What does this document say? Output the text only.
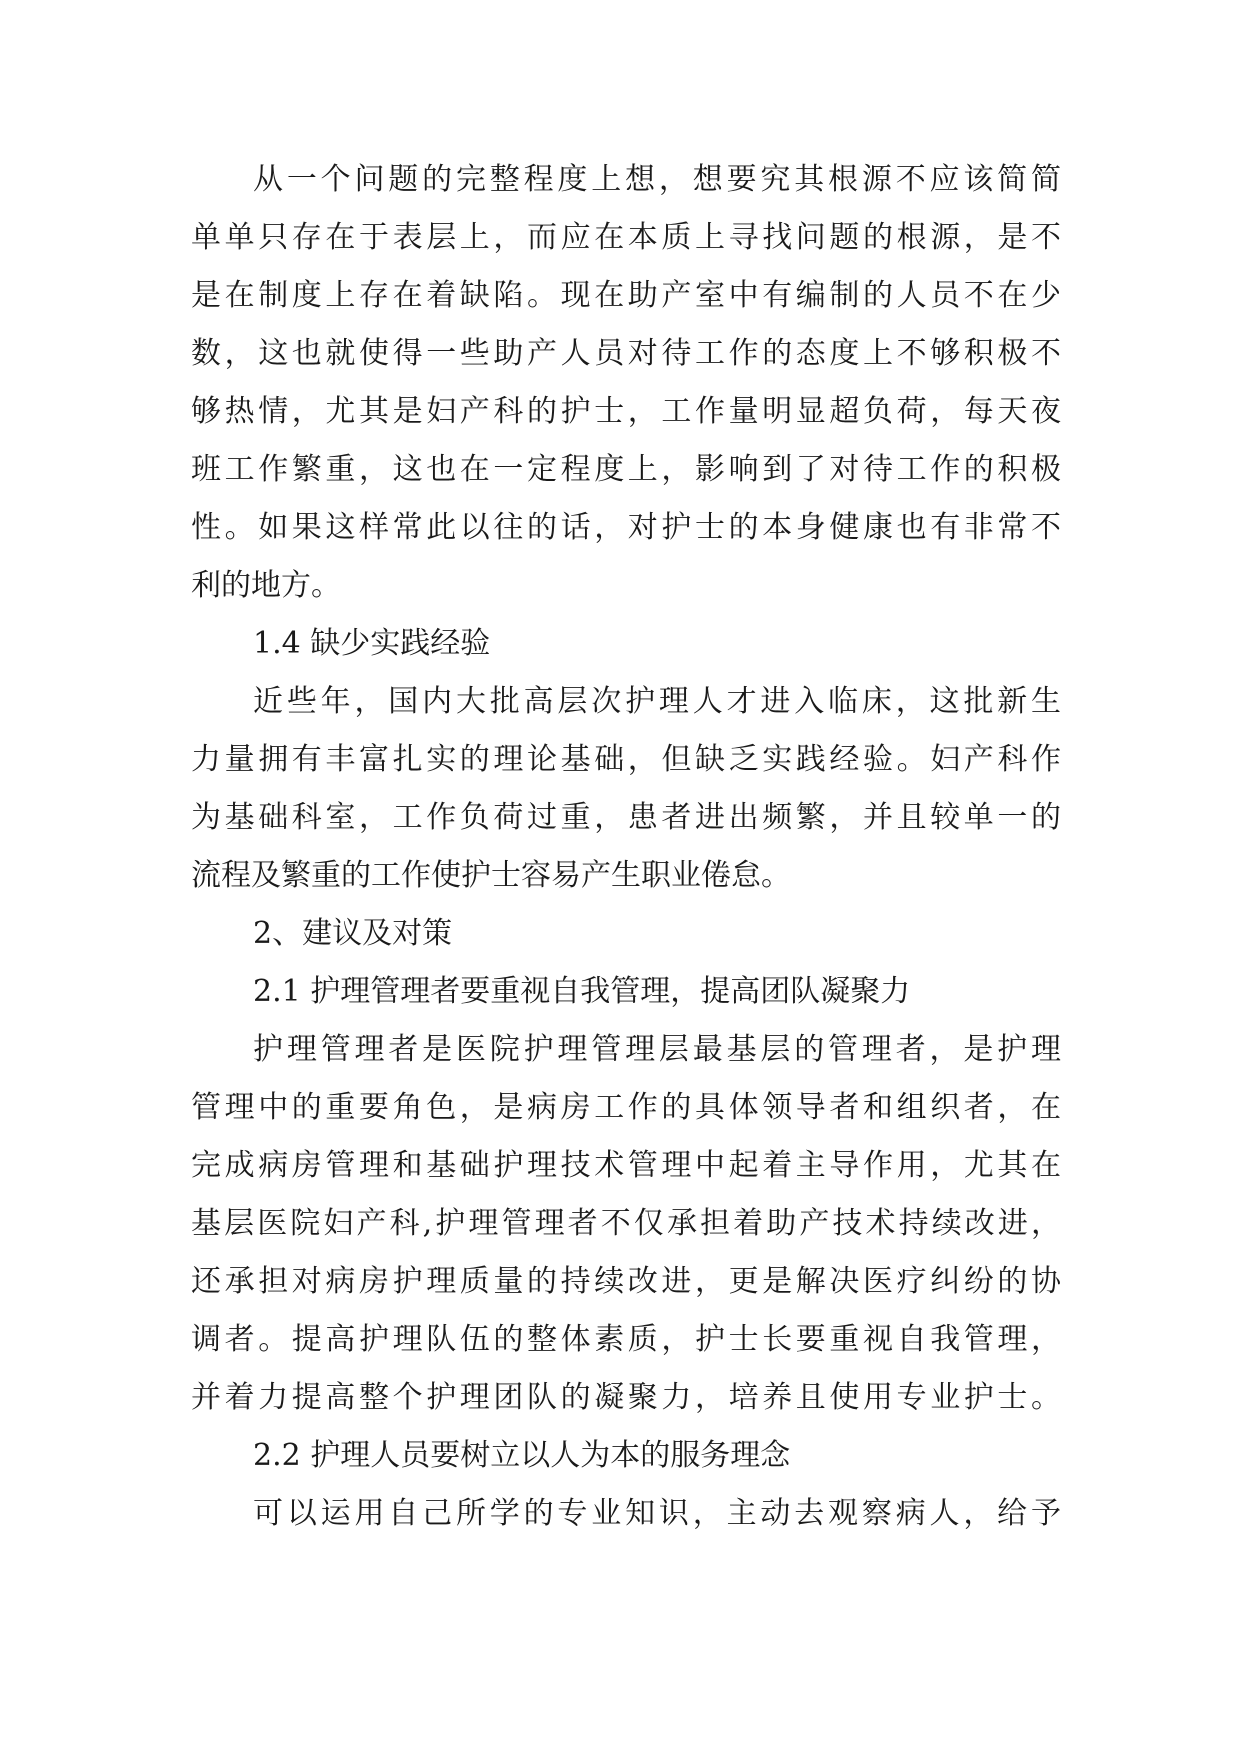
从一个问题的完整程度上想，想要究其根源不应该简简
单单只存在于表层上，而应在本质上寻找问题的根源，是不
是在制度上存在着缺陷。现在助产室中有编制的人员不在少
数，这也就使得一些助产人员对待工作的态度上不够积极不
够热情，尤其是妇产科的护士，工作量明显超负荷，每天夜
班工作繁重，这也在一定程度上，影响到了对待工作的积极
性。如果这样常此以往的话，对护士的本身健康也有非常不
利的地方。
1.4 缺少实践经验
近些年，国内大批高层次护理人才进入临床，这批新生
力量拥有丰富扎实的理论基础，但缺乏实践经验。妇产科作
为基础科室，工作负荷过重，患者进出频繁，并且较单一的
流程及繁重的工作使护士容易产生职业倦怠。
2、建议及对策
2.1 护理管理者要重视自我管理，提高团队凝聚力
护理管理者是医院护理管理层最基层的管理者，是护理
管理中的重要角色，是病房工作的具体领导者和组织者，在
完成病房管理和基础护理技术管理中起着主导作用，尤其在
基层医院妇产科,护理管理者不仅承担着助产技术持续改进，
还承担对病房护理质量的持续改进，更是解决医疗纠纷的协
调者。提高护理队伍的整体素质，护士长要重视自我管理，
并着力提高整个护理团队的凝聚力，培养且使用专业护士。
2.2 护理人员要树立以人为本的服务理念
可以运用自己所学的专业知识，主动去观察病人，给予
